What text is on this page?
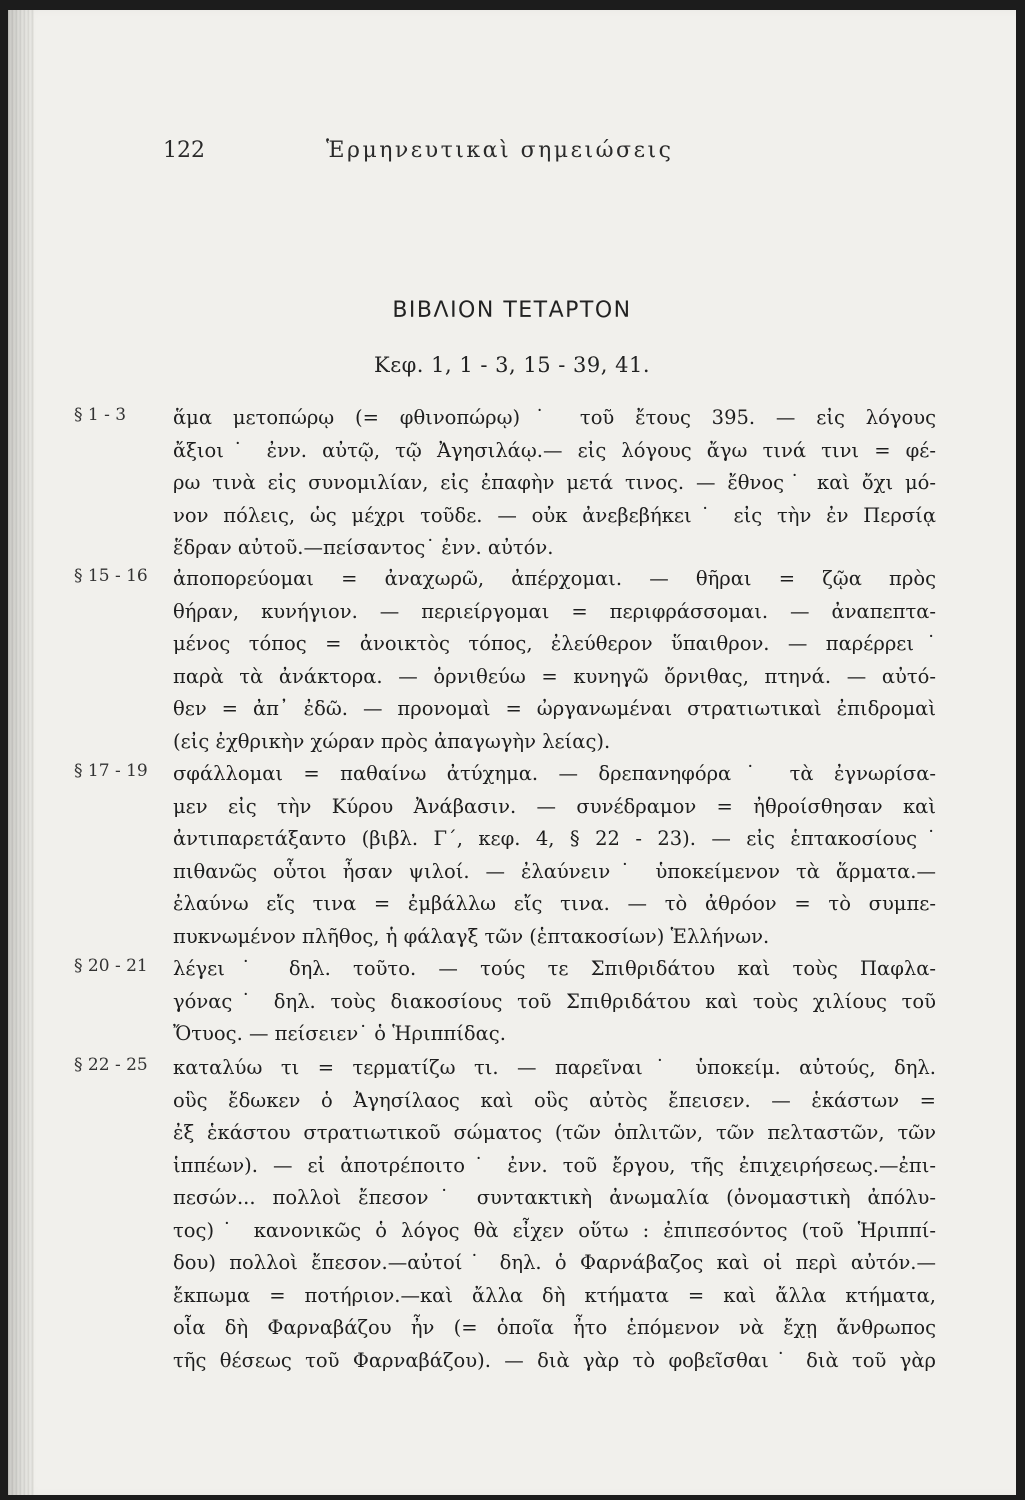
122	Ἑρμηνευτικαὶ σημειώσεις
ΒΙΒΛΙΟΝ ΤΕΤΑΡΤΟΝ
Κεφ. 1, 1 - 3, 15 - 39, 41.
§ 1 - 3 ἅμα μετοπώρῳ (= φθινοπώρῳ)˙ τοῦ ἔτους 395. — εἰς λόγους
ἄξιοι˙ ἐνν. αὐτῷ, τῷ Ἀγησιλάῳ.— εἰς λόγους ἄγω τινά τινι = φέ-
ρω τινὰ εἰς συνομιλίαν, εἰς ἐπαφὴν μετά τινος. — ἔθνος˙ καὶ ὄχι μό-
νον πόλεις, ὡς μέχρι τοῦδε. — οὐκ ἀνεβεβήκει˙ εἰς τὴν ἐν Περσίᾳ
ἕδραν αὐτοῦ.—πείσαντος˙ ἐνν. αὐτόν.
§ 15 - 16 ἀποπορεύομαι = ἀναχωρῶ, ἀπέρχομαι. — θῆραι = ζῷα πρὸς
θήραν, κυνήγιον. — περιείργομαι = περιφράσσομαι. — ἀναπεπτα-
μένος τόπος = ἀνοικτὸς τόπος, ἐλεύθερον ὕπαιθρον. — παρέρρει˙
παρὰ τὰ ἀνάκτορα. — ὀρνιθεύω = κυνηγῶ ὄρνιθας, πτηνά. — αὐτό-
θεν = ἀπ᾽ ἐδῶ. — προνομαὶ = ὠργανωμέναι στρατιωτικαὶ ἐπιδρομαὶ
(εἰς ἐχθρικὴν χώραν πρὸς ἀπαγωγὴν λείας).
§ 17 - 19 σφάλλομαι = παθαίνω ἀτύχημα. — δρεπανηφόρα˙ τὰ ἐγνωρίσα-
μεν εἰς τὴν Κύρου Ἀνάβασιν. — συνέδραμον = ἠθροίσθησαν καὶ
ἀντιπαρετάξαντο (βιβλ. Γ΄, κεφ. 4, § 22 - 23). — εἰς ἑπτακοσίους˙
πιθανῶς οὗτοι ἦσαν ψιλοί. — ἐλαύνειν˙ ὑποκείμενον τὰ ἅρματα.—
ἐλαύνω εἴς τινα = ἐμβάλλω εἴς τινα. — τὸ ἀθρόον = τὸ συμπε-
πυκνωμένον πλῆθος, ἡ φάλαγξ τῶν (ἑπτακοσίων) Ἑλλήνων.
§ 20 - 21 λέγει˙ δηλ. τοῦτο. — τούς τε Σπιθριδάτου καὶ τοὺς Παφλα-
γόνας˙ δηλ. τοὺς διακοσίους τοῦ Σπιθριδάτου καὶ τοὺς χιλίους τοῦ
Ὄτυος. — πείσειεν˙ ὁ Ἡριππίδας.
§ 22 - 25 καταλύω τι = τερματίζω τι. — παρεῖναι˙ ὑποκείμ. αὐτούς, δηλ.
οὓς ἔδωκεν ὁ Ἀγησίλαος καὶ οὓς αὐτὸς ἔπεισεν. — ἑκάστων =
ἐξ ἑκάστου στρατιωτικοῦ σώματος (τῶν ὁπλιτῶν, τῶν πελταστῶν, τῶν
ἱππέων). — εἰ ἀποτρέποιτο˙ ἐνν. τοῦ ἔργου, τῆς ἐπιχειρήσεως.—ἐπι-
πεσών... πολλοὶ ἔπεσον˙ συντακτικὴ ἀνωμαλία (ὀνομαστικὴ ἀπόλυ-
τος)˙ κανονικῶς ὁ λόγος θὰ εἶχεν οὕτω : ἐπιπεσόντος (τοῦ Ἡριππί-
δου) πολλοὶ ἔπεσον.—αὐτοί˙ δηλ. ὁ Φαρνάβαζος καὶ οἱ περὶ αὐτόν.—
ἔκπωμα = ποτήριον.—καὶ ἄλλα δὴ κτήματα = καὶ ἄλλα κτήματα,
οἷα δὴ Φαρναβάζου ἦν (= ὁποῖα ἦτο ἑπόμενον νὰ ἔχῃ ἄνθρωπος
τῆς θέσεως τοῦ Φαρναβάζου). — διὰ γὰρ τὸ φοβεῖσθαι˙ διὰ τοῦ γὰρ
